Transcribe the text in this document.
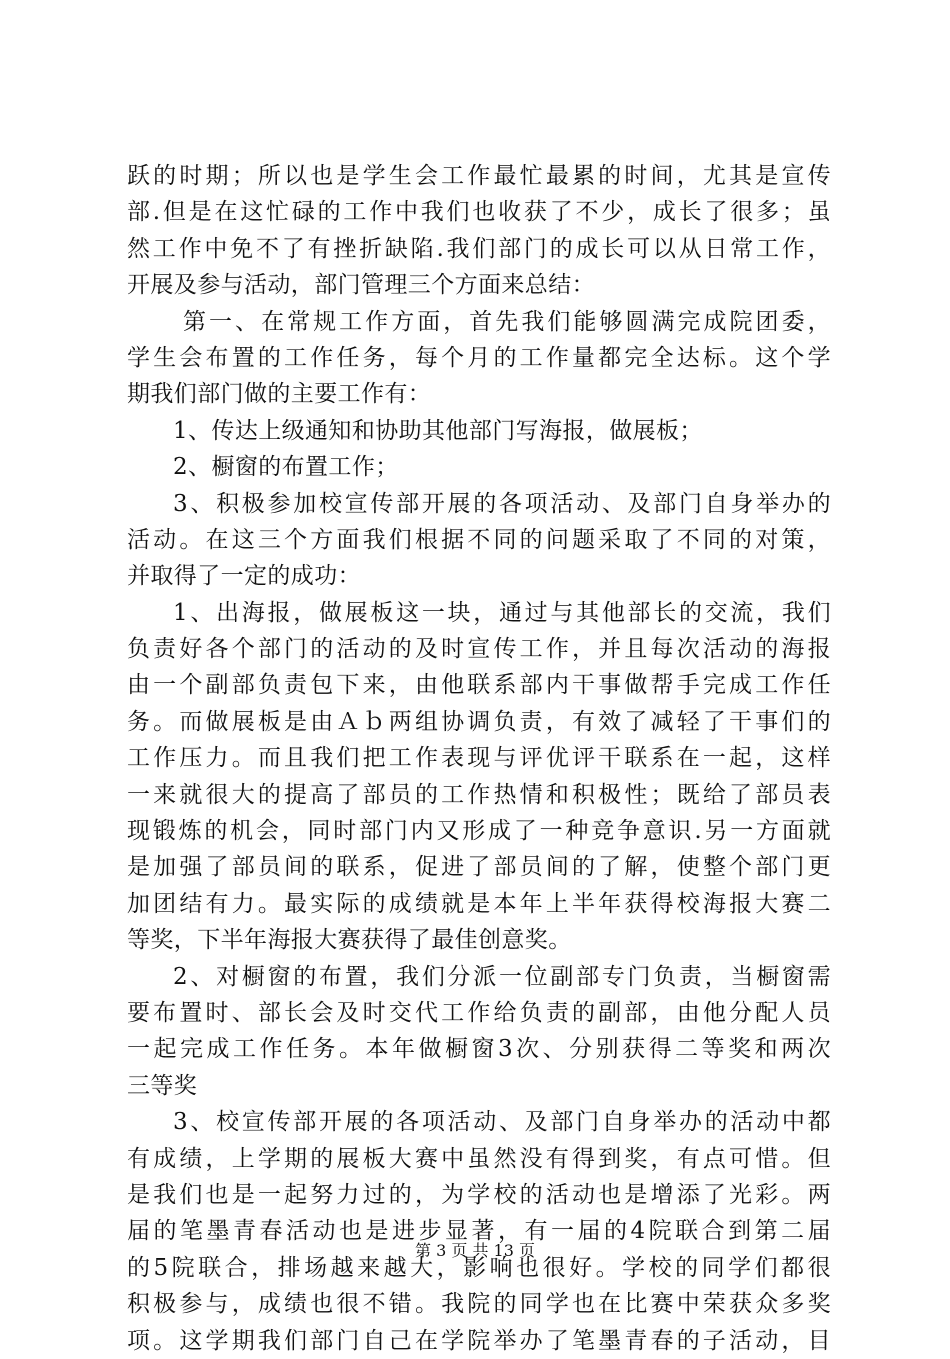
跃的时期；所以也是学生会工作最忙最累的时间，尤其是宣传
部.但是在这忙碌的工作中我们也收获了不少，成长了很多；虽
然工作中免不了有挫折缺陷.我们部门的成长可以从日常工作，
开展及参与活动，部门管理三个方面来总结：
第一、在常规工作方面，首先我们能够圆满完成院团委，
学生会布置的工作任务，每个月的工作量都完全达标。这个学
期我们部门做的主要工作有：
1、传达上级通知和协助其他部门写海报，做展板；
2、橱窗的布置工作；
3、积极参加校宣传部开展的各项活动、及部门自身举办的
活动。在这三个方面我们根据不同的问题采取了不同的对策，
并取得了一定的成功：
1、出海报，做展板这一块，通过与其他部长的交流，我们
负责好各个部门的活动的及时宣传工作，并且每次活动的海报
由一个副部负责包下来，由他联系部内干事做帮手完成工作任
务。而做展板是由Ａｂ两组协调负责，有效了减轻了干事们的
工作压力。而且我们把工作表现与评优评干联系在一起，这样
一来就很大的提高了部员的工作热情和积极性；既给了部员表
现锻炼的机会，同时部门内又形成了一种竞争意识.另一方面就
是加强了部员间的联系，促进了部员间的了解，使整个部门更
加团结有力。最实际的成绩就是本年上半年获得校海报大赛二
等奖，下半年海报大赛获得了最佳创意奖。
2、对橱窗的布置，我们分派一位副部专门负责，当橱窗需
要布置时、部长会及时交代工作给负责的副部，由他分配人员
一起完成工作任务。本年做橱窗3次、分别获得二等奖和两次
三等奖
3、校宣传部开展的各项活动、及部门自身举办的活动中都
有成绩，上学期的展板大赛中虽然没有得到奖，有点可惜。但
是我们也是一起努力过的，为学校的活动也是增添了光彩。两
届的笔墨青春活动也是进步显著，有一届的4院联合到第二届
的5院联合，排场越来越大，影响也很好。学校的同学们都很
积极参与，成绩也很不错。我院的同学也在比赛中荣获众多奖
项。这学期我们部门自己在学院举办了笔墨青春的子活动，目
第 3 页 共 13 页
